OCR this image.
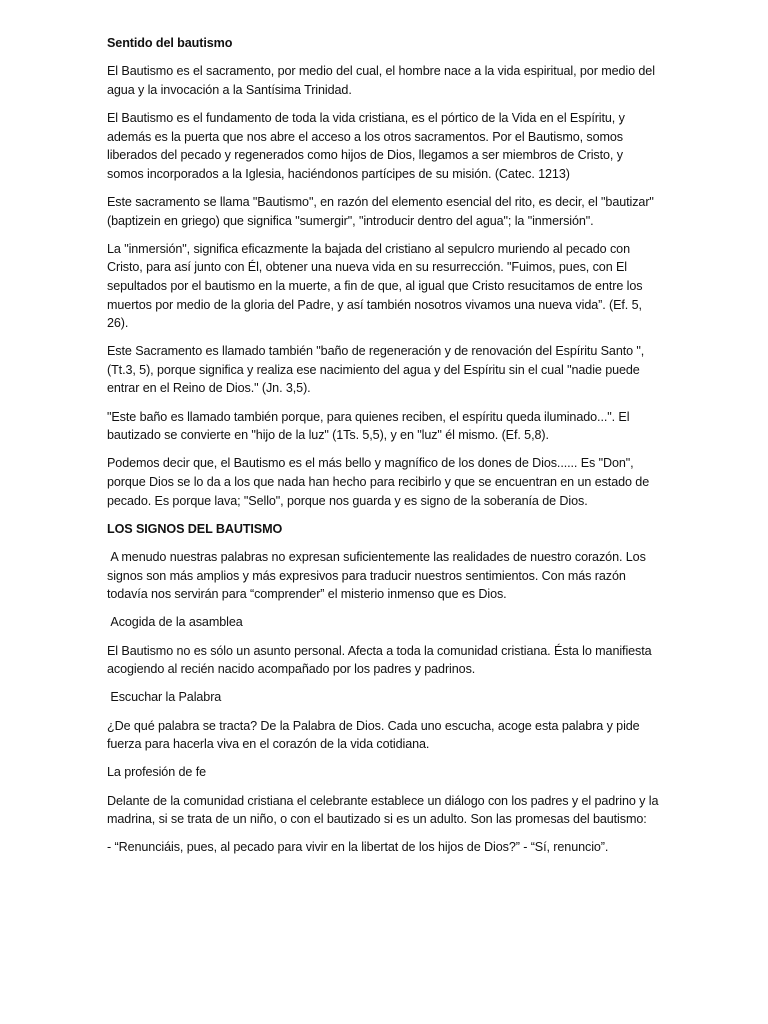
Sentido del bautismo

El Bautismo es el sacramento, por medio del cual, el hombre nace a la vida espiritual, por medio del agua y la invocación a la Santísima Trinidad.

El Bautismo es el fundamento de toda la vida cristiana, es el pórtico de la Vida en el Espíritu, y además es la puerta que nos abre el acceso a los otros sacramentos. Por el Bautismo, somos liberados del pecado y regenerados como hijos de Dios, llegamos a ser miembros de Cristo, y somos incorporados a la Iglesia, haciéndonos partícipes de su misión. (Catec. 1213)

Este sacramento se llama "Bautismo", en razón del elemento esencial del rito, es decir, el "bautizar" (baptizein en griego) que significa "sumergir", "introducir dentro del agua"; la "inmersión".

La "inmersión", significa eficazmente la bajada del cristiano al sepulcro muriendo al pecado con Cristo, para así junto con Él, obtener una nueva vida en su resurrección. "Fuimos, pues, con El sepultados por el bautismo en la muerte, a fin de que, al igual que Cristo resucitamos de entre los muertos por medio de la gloria del Padre, y así también nosotros vivamos una nueva vida”. (Ef. 5, 26).

Este Sacramento es llamado también "baño de regeneración y de renovación del Espíritu Santo ", (Tt.3, 5), porque significa y realiza ese nacimiento del agua y del Espíritu sin el cual "nadie puede entrar en el Reino de Dios." (Jn. 3,5).

"Este baño es llamado también porque, para quienes reciben, el espíritu queda iluminado...". El bautizado se convierte en "hijo de la luz" (1Ts. 5,5), y en "luz" él mismo. (Ef. 5,8).

Podemos decir que, el Bautismo es el más bello y magnífico de los dones de Dios...... Es "Don", porque Dios se lo da a los que nada han hecho para recibirlo y que se encuentran en un estado de pecado. Es porque lava; "Sello", porque nos guarda y es signo de la soberanía de Dios.

LOS SIGNOS DEL BAUTISMO

A menudo nuestras palabras no expresan suficientemente las realidades de nuestro corazón. Los signos son más amplios y más expresivos para traducir nuestros sentimientos. Con más razón todavía nos servirán para “comprender” el misterio inmenso que es Dios.

Acogida de la asamblea

El Bautismo no es sólo un asunto personal. Afecta a toda la comunidad cristiana. Ésta lo manifiesta acogiendo al recién nacido acompañado por los padres y padrinos.

Escuchar la Palabra

¿De qué palabra se tracta? De la Palabra de Dios. Cada uno escucha, acoge esta palabra y pide fuerza para hacerla viva en el corazón de la vida cotidiana.

La profesión de fe

Delante de la comunidad cristiana el celebrante establece un diálogo con los padres y el padrino y la madrina, si se trata de un niño, o con el bautizado si es un adulto. Son las promesas del bautismo:

- “Renunciáis, pues, al pecado para vivir en la libertat de los hijos de Dios?” - “Sí, renuncio”.
